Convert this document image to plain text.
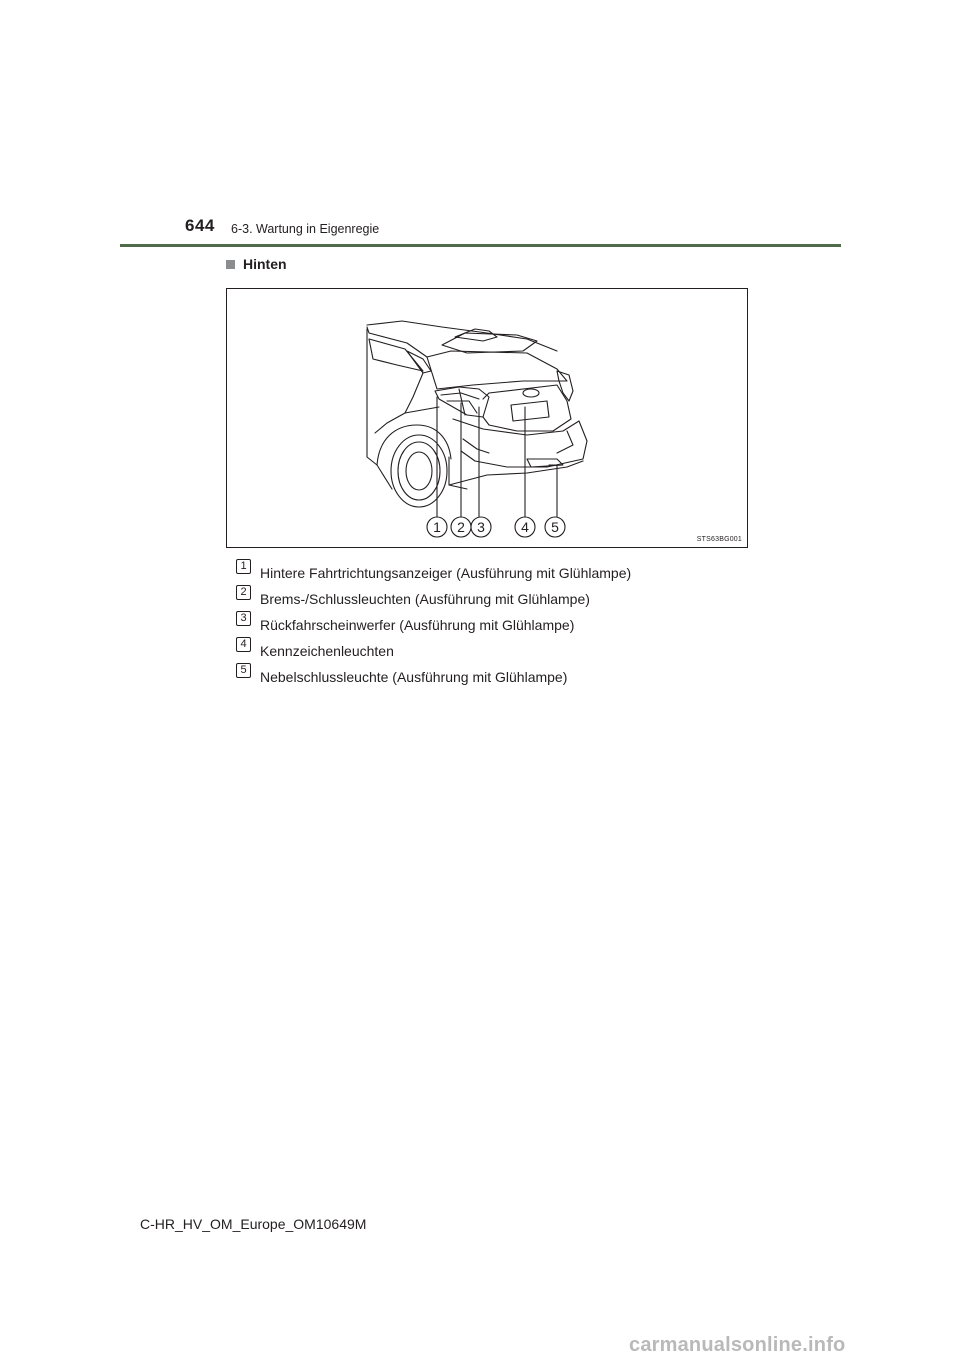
644 6-3. Wartung in Eigenregie
Hinten
1 2 3	4 5
STS63BG001
1 Hintere Fahrtrichtungsanzeiger (Ausführung mit Glühlampe)
2 Brems-/Schlussleuchten (Ausführung mit Glühlampe)
3 Rückfahrscheinwerfer (Ausführung mit Glühlampe)
4 Kennzeichenleuchten
5 Nebelschlussleuchte (Ausführung mit Glühlampe)
C-HR_HV_OM_Europe_OM10649M
carmanualsonline.info
